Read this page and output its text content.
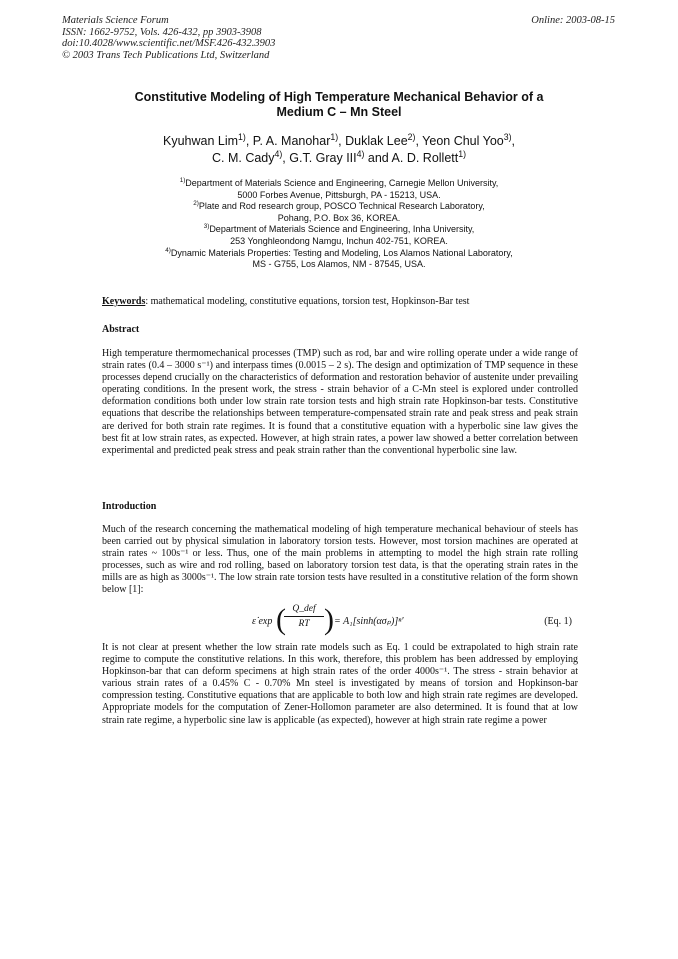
Materials Science Forum
ISSN: 1662-9752, Vols. 426-432, pp 3903-3908
doi:10.4028/www.scientific.net/MSF.426-432.3903
© 2003 Trans Tech Publications Ltd, Switzerland
Online: 2003-08-15
Constitutive Modeling of High Temperature Mechanical Behavior of a
Medium C – Mn Steel
Kyuhwan Lim$^{1)}$, P. A. Manohar$^{1)}$, Duklak Lee$^{2)}$, Yeon Chul Yoo$^{3)}$,
C. M. Cady$^{4)}$, G.T. Gray III$^{4)}$ and A. D. Rollett$^{1)}$
$^{1)}$Department of Materials Science and Engineering, Carnegie Mellon University,
5000 Forbes Avenue, Pittsburgh, PA - 15213, USA.
$^{2)}$Plate and Rod research group, POSCO Technical Research Laboratory,
Pohang, P.O. Box 36, KOREA.
$^{3)}$Department of Materials Science and Engineering, Inha University,
253 Yonghleondong Namgu, Inchun 402-751, KOREA.
$^{4)}$Dynamic Materials Properties: Testing and Modeling, Los Alamos National Laboratory,
MS - G755, Los Alamos, NM - 87545, USA.
Keywords: mathematical modeling, constitutive equations, torsion test, Hopkinson-Bar test
Abstract

High temperature thermomechanical processes (TMP) such as rod, bar and wire rolling operate under a wide range of strain rates (0.4 – 3000 s⁻¹) and interpass times (0.0015 – 2 s). The design and optimization of TMP sequence in these processes depend crucially on the characteristics of deformation and restoration behavior of austenite under prevailing operating conditions. In the present work, the stress - strain behavior of a C-Mn steel is explored under controlled deformation conditions both under low strain rate torsion tests and high strain rate Hopkinson-bar tests. Constitutive equations that describe the relationships between temperature-compensated strain rate and peak stress and peak strain are derived for both strain rate regimes. It is found that a constitutive equation with a hyperbolic sine law gives the best fit at low strain rates, as expected. However, at high strain rates, a power law showed a better correlation between experimental and predicted peak stress and peak strain rather than the conventional hyperbolic sine law.

Introduction

Much of the research concerning the mathematical modeling of high temperature mechanical behaviour of steels has been carried out by physical simulation in laboratory torsion tests. However, most torsion machines are operated at strain rates ~ 100s⁻¹ or less. Thus, one of the main problems in attempting to model the high strain rate rolling processes, such as wire and rod rolling, based on laboratory torsion test data, is that the operating strain rates in the mills are as high as 3000s⁻¹. The low strain rate torsion tests have resulted in a constitutive relation of the form shown below [1]:

ε̇ exp ( Q_def
RT ) = A₁[sinh(ασₚ)]ⁿ′	(Eq. 1)

It is not clear at present whether the low strain rate models such as Eq. 1 could be extrapolated to high strain rate regime to compute the constitutive relations. In this work, therefore, this problem has been addressed by employing Hopkinson-bar that can deform specimens at high strain rates of the order 4000s⁻¹. The stress - strain behavior at various strain rates of a 0.45% C - 0.70% Mn steel is investigated by means of torsion and Hopkinson-bar compression testing. Constitutive equations that are applicable to both low and high strain rate regimes are developed. Appropriate models for the computation of Zener-Hollomon parameter are also determined. It is found that at low strain rate regime, a hyperbolic sine law is applicable (as expected), however at high strain rate regime a power
